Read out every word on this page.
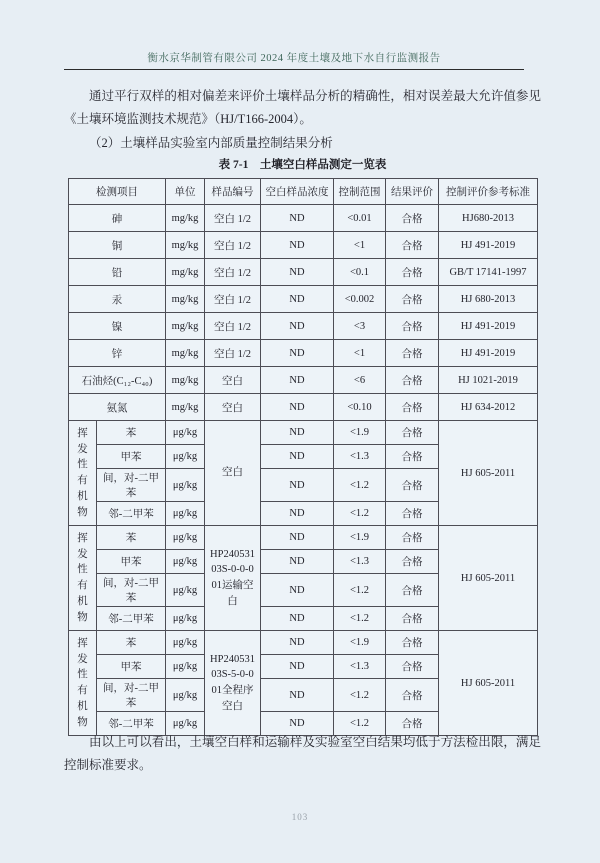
衡水京华制管有限公司 2024 年度土壤及地下水自行监测报告

通过平行双样的相对偏差来评价土壤样品分析的精确性，相对误差最大允许值参见《土壤环境监测技术规范》（HJ/T166-2004）。

（2）土壤样品实验室内部质量控制结果分析

表 7-1　土壤空白样品测定一览表
检测项目		单位	样品编号	空白样品浓度	控制范围	结果评价	控制评价参考标准
砷		mg/kg	空白 1/2	ND	<0.01	合格	HJ680-2013
铜		mg/kg	空白 1/2	ND	<1	合格	HJ 491-2019
铅		mg/kg	空白 1/2	ND	<0.1	合格	GB/T 17141-1997
汞		mg/kg	空白 1/2	ND	<0.002	合格	HJ 680-2013
镍		mg/kg	空白 1/2	ND	<3	合格	HJ 491-2019
锌		mg/kg	空白 1/2	ND	<1	合格	HJ 491-2019
石油烃(C₁₂-C₄₀)		mg/kg	空白	ND	<6	合格	HJ 1021-2019
氨氮		mg/kg	空白	ND	<0.10	合格	HJ 634-2012
挥发性有机物	苯	μg/kg	空白	ND	<1.9	合格	HJ 605-2011
	甲苯	μg/kg		ND	<1.3	合格	
	间，对-二甲苯	μg/kg		ND	<1.2	合格	
	邻-二甲苯	μg/kg		ND	<1.2	合格	
挥发性有机物	苯	μg/kg	HP24053103S-0-0-001运输空白	ND	<1.9	合格	HJ 605-2011
	甲苯	μg/kg		ND	<1.3	合格	
	间，对-二甲苯	μg/kg		ND	<1.2	合格	
	邻-二甲苯	μg/kg		ND	<1.2	合格	
挥发性有机物	苯	μg/kg	HP24053103S-5-0-001全程序空白	ND	<1.9	合格	HJ 605-2011
	甲苯	μg/kg		ND	<1.3	合格	
	间，对-二甲苯	μg/kg		ND	<1.2	合格	
	邻-二甲苯	μg/kg		ND	<1.2	合格	

由以上可以看出，土壤空白样和运输样及实验室空白结果均低于方法检出限，满足控制标准要求。

103
